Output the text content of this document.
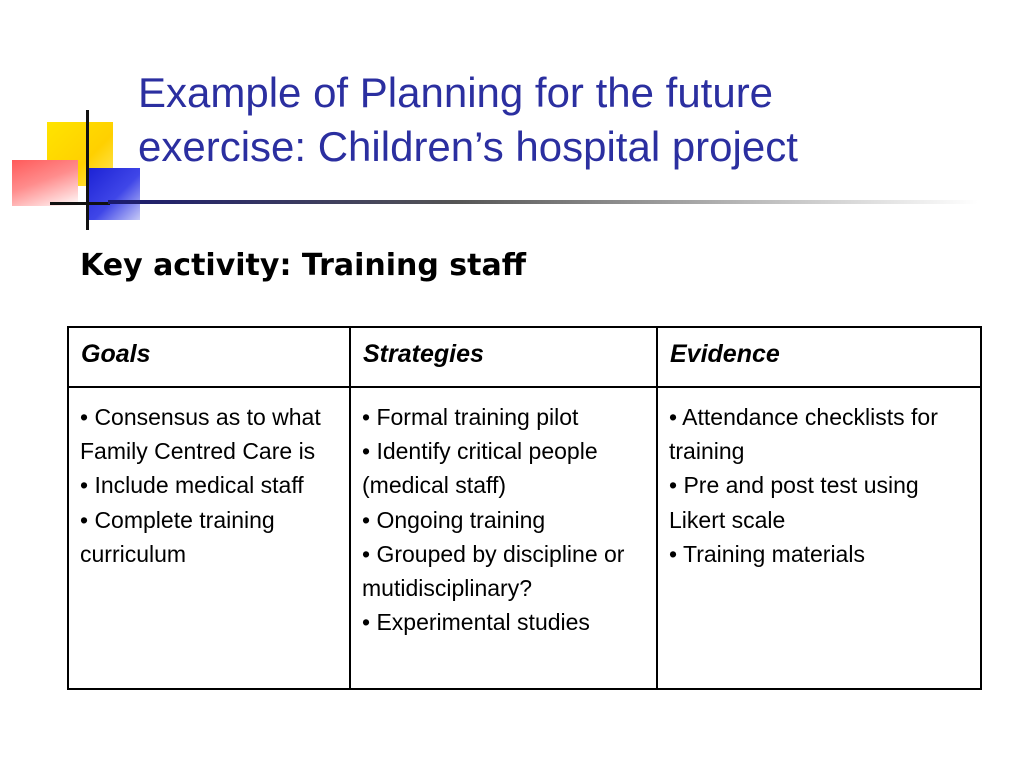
Example of Planning for the future
exercise: Children’s hospital project
Key activity: Training staff
Goals	Strategies	Evidence

• Consensus as to what Family Centred Care is
• Include medical staff
• Complete training curriculum	• Formal training pilot
• Identify critical people (medical staff)
• Ongoing training
• Grouped by discipline or mutidisciplinary?
• Experimental studies	• Attendance checklists for training
• Pre and post test using Likert scale
• Training materials
